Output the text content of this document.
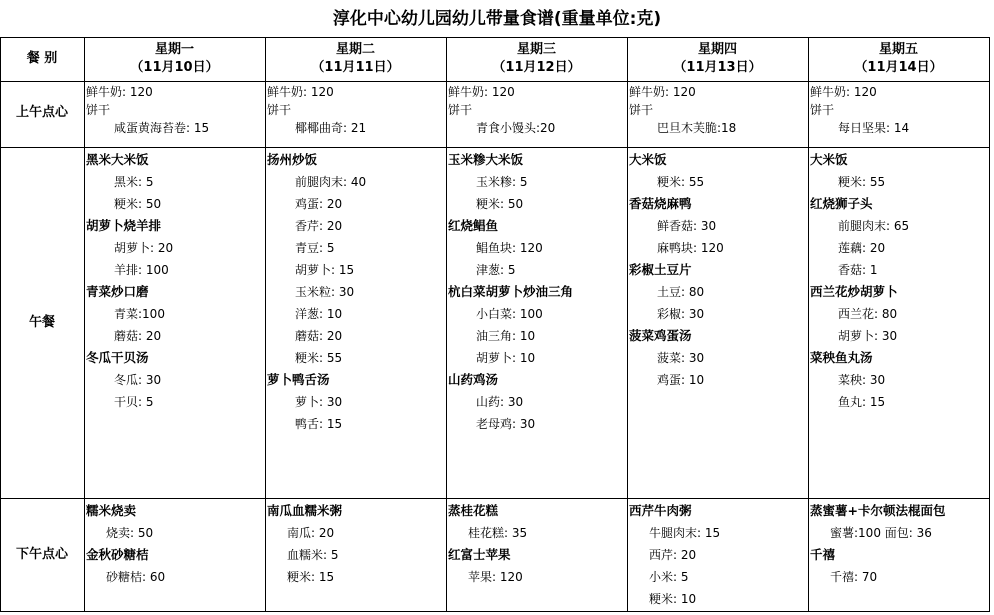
淳化中心幼儿园幼儿带量食谱(重量单位:克)
餐 别
上午点心
午餐
下午点心
星期一
（11月10日）
鲜牛奶: 120
饼干
咸蛋黄海苔卷: 15
黑米大米饭
黑米: 5
粳米: 50
胡萝卜烧羊排
胡萝卜: 20
羊排: 100
青菜炒口磨
青菜:100
蘑菇: 20
冬瓜干贝汤
冬瓜: 30
干贝: 5
糯米烧卖
烧卖: 50
金秋砂糖桔
砂糖桔: 60
星期二
（11月11日）
鲜牛奶: 120
饼干
椰椰曲奇: 21
扬州炒饭
前腿肉末: 40
鸡蛋: 20
香芹: 20
青豆: 5
胡萝卜: 15
玉米粒: 30
洋葱: 10
蘑菇: 20
粳米: 55
萝卜鸭舌汤
萝卜: 30
鸭舌: 15
南瓜血糯米粥
南瓜: 20
血糯米: 5
粳米: 15
星期三
（11月12日）
鲜牛奶: 120
饼干
青食小馒头:20
玉米糁大米饭
玉米糁: 5
粳米: 50
红烧鲳鱼
鲳鱼块: 120
津葱: 5
杭白菜胡萝卜炒油三角
小白菜: 100
油三角: 10
胡萝卜: 10
山药鸡汤
山药: 30
老母鸡: 30
蒸桂花糕
桂花糕: 35
红富士苹果
苹果: 120
星期四
（11月13日）
鲜牛奶: 120
饼干
巴旦木芙脆:18
大米饭
粳米: 55
香菇烧麻鸭
鲜香菇: 30
麻鸭块: 120
彩椒土豆片
土豆: 80
彩椒: 30
菠菜鸡蛋汤
菠菜: 30
鸡蛋: 10
西芹牛肉粥
牛腿肉末: 15
西芹: 20
小米: 5
粳米: 10
星期五
（11月14日）
鲜牛奶: 120
饼干
每日坚果: 14
大米饭
粳米: 55
红烧狮子头
前腿肉末: 65
莲藕: 20
香菇: 1
西兰花炒胡萝卜
西兰花: 80
胡萝卜: 30
菜秧鱼丸汤
菜秧: 30
鱼丸: 15
蒸蜜薯+卡尔顿法棍面包
蜜薯:100 面包: 36
千禧
千禧: 70
